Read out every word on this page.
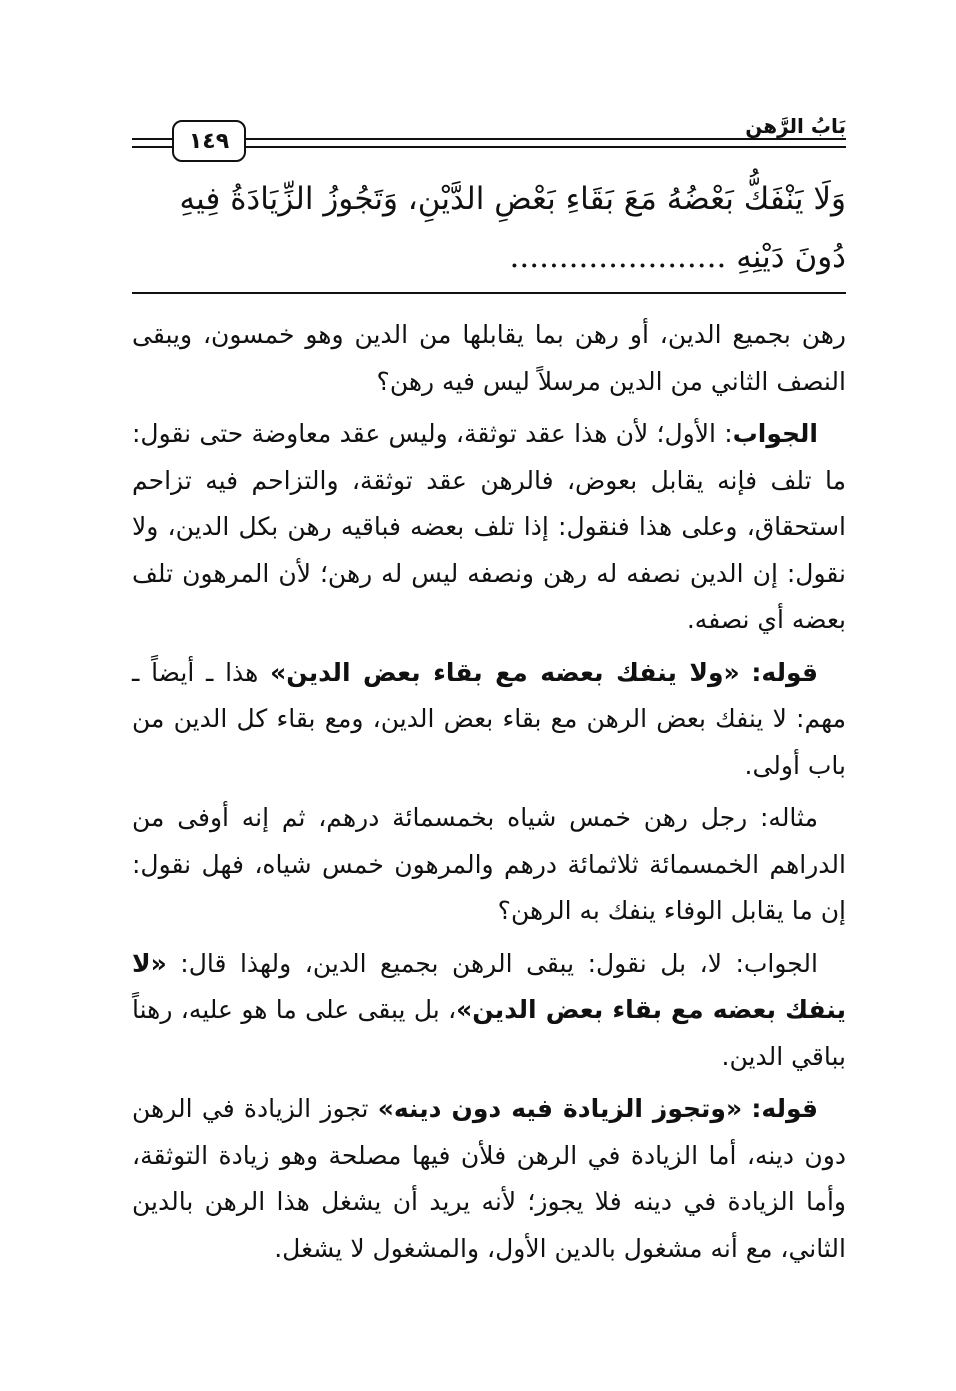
١٤٩
بَابُ الرَّهن
وَلَا يَنْفَكُّ بَعْضُهُ مَعَ بَقَاءِ بَعْضِ الدَّيْنِ، وَتَجُوزُ الزِّيَادَةُ فِيهِ
دُونَ دَيْنِهِ ......................

رهن بجميع الدين، أو رهن بما يقابلها من الدين وهو خمسون، ويبقى النصف الثاني من الدين مرسلاً ليس فيه رهن؟

الجواب: الأول؛ لأن هذا عقد توثقة، وليس عقد معاوضة حتى نقول: ما تلف فإنه يقابل بعوض، فالرهن عقد توثقة، والتزاحم فيه تزاحم استحقاق، وعلى هذا فنقول: إذا تلف بعضه فباقيه رهن بكل الدين، ولا نقول: إن الدين نصفه له رهن ونصفه ليس له رهن؛ لأن المرهون تلف بعضه أي نصفه.

قوله: «ولا ينفك بعضه مع بقاء بعض الدين» هذا ـ أيضاً ـ مهم: لا ينفك بعض الرهن مع بقاء بعض الدين، ومع بقاء كل الدين من باب أولى.

مثاله: رجل رهن خمس شياه بخمسمائة درهم، ثم إنه أوفى من الدراهم الخمسمائة ثلاثمائة درهم والمرهون خمس شياه، فهل نقول: إن ما يقابل الوفاء ينفك به الرهن؟

الجواب: لا، بل نقول: يبقى الرهن بجميع الدين، ولهذا قال: «لا ينفك بعضه مع بقاء بعض الدين»، بل يبقى على ما هو عليه، رهناً بباقي الدين.

قوله: «وتجوز الزيادة فيه دون دينه» تجوز الزيادة في الرهن دون دينه، أما الزيادة في الرهن فلأن فيها مصلحة وهو زيادة التوثقة، وأما الزيادة في دينه فلا يجوز؛ لأنه يريد أن يشغل هذا الرهن بالدين الثاني، مع أنه مشغول بالدين الأول، والمشغول لا يشغل.
